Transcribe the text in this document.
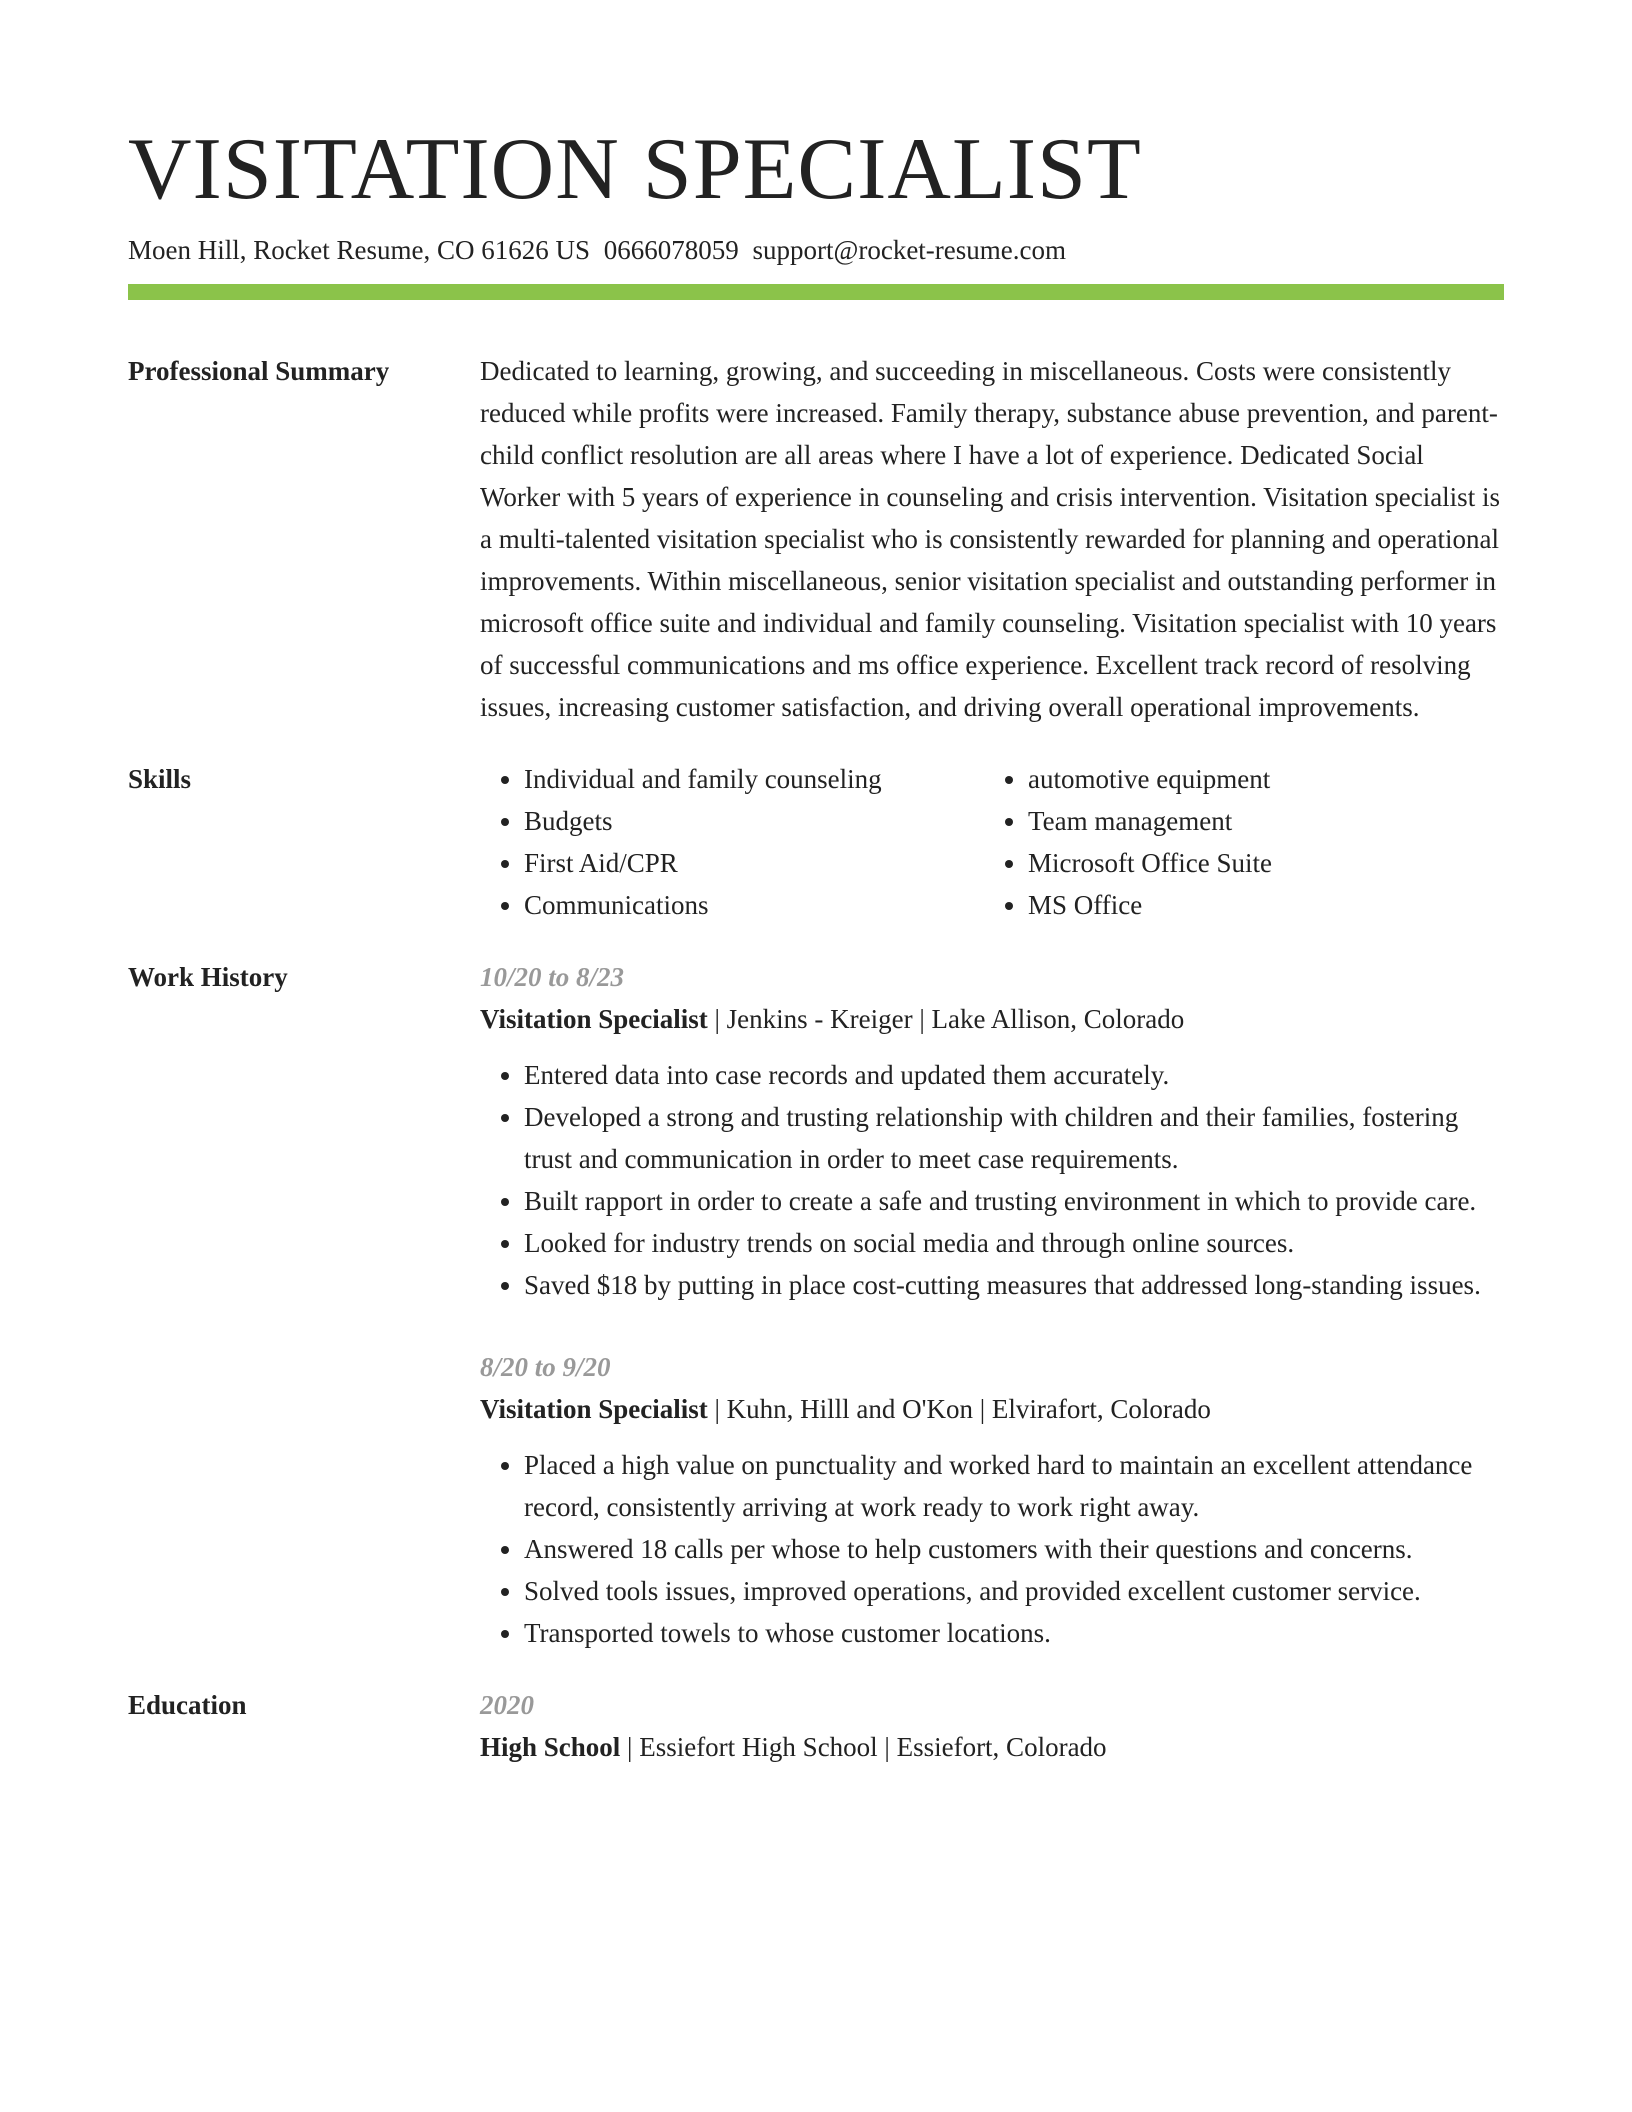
VISITATION SPECIALIST
Moen Hill, Rocket Resume, CO 61626 US 0666078059 support@rocket-resume.com
Professional Summary	Dedicated to learning, growing, and succeeding in miscellaneous. Costs were consistently reduced while profits were increased. Family therapy, substance abuse prevention, and parent-child conflict resolution are all areas where I have a lot of experience. Dedicated Social Worker with 5 years of experience in counseling and crisis intervention. Visitation specialist is a multi-talented visitation specialist who is consistently rewarded for planning and operational improvements. Within miscellaneous, senior visitation specialist and outstanding performer in microsoft office suite and individual and family counseling. Visitation specialist with 10 years of successful communications and ms office experience. Excellent track record of resolving issues, increasing customer satisfaction, and driving overall operational improvements.

Skills
•	Individual and family counseling
• Budgets
• First Aid/CPR
• Communications
• automotive equipment
• Team management
• Microsoft Office Suite
• MS Office
Work History	10/20 to 8/23
Visitation Specialist | Jenkins - Kreiger | Lake Allison, Colorado
• Entered data into case records and updated them accurately.
• Developed a strong and trusting relationship with children and their families, fostering trust and communication in order to meet case requirements.
• Built rapport in order to create a safe and trusting environment in which to provide care.
• Looked for industry trends on social media and through online sources.
• Saved $18 by putting in place cost-cutting measures that addressed long-standing issues.
8/20 to 9/20
Visitation Specialist | Kuhn, Hilll and O'Kon | Elvirafort, Colorado
• Placed a high value on punctuality and worked hard to maintain an excellent attendance record, consistently arriving at work ready to work right away.
• Answered 18 calls per whose to help customers with their questions and concerns.
• Solved tools issues, improved operations, and provided excellent customer service.
• Transported towels to whose customer locations.
Education	2020
High School | Essiefort High School | Essiefort, Colorado
